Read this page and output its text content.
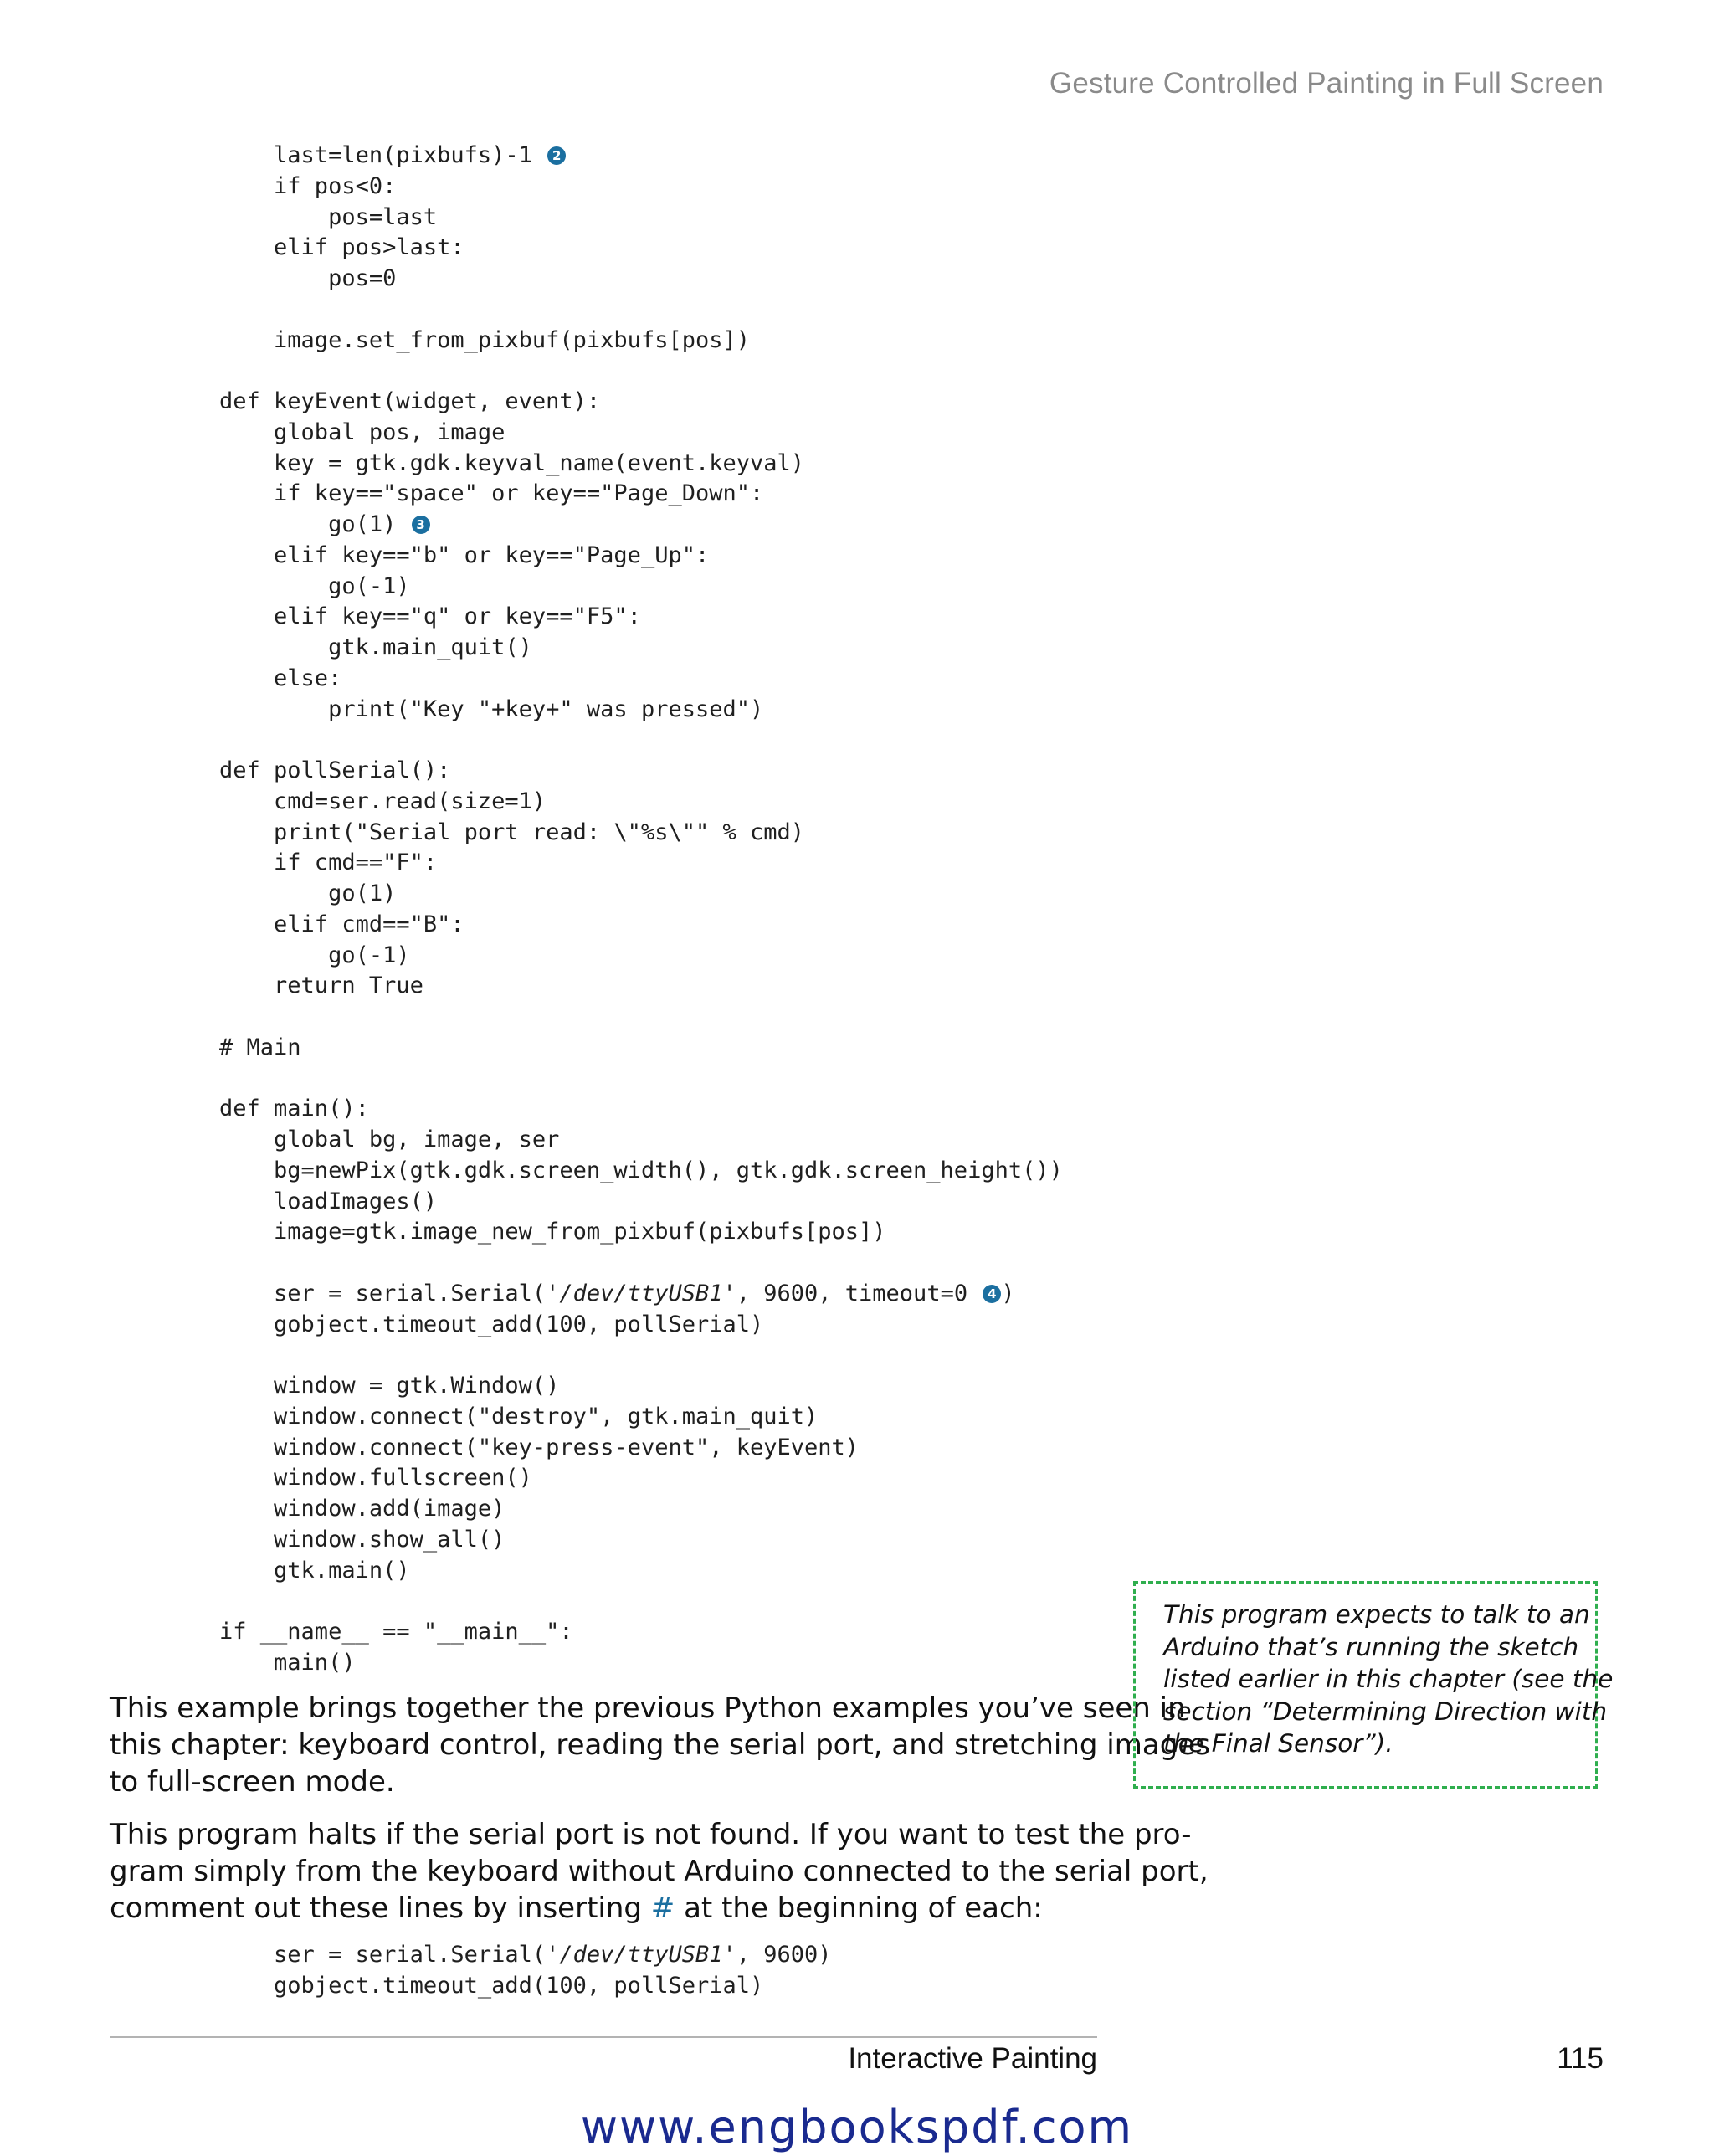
Gesture Controlled Painting in Full Screen
last=len(pixbufs)-1 2
if pos<0:
pos=last
elif pos>last:
pos=0
image.set_from_pixbuf(pixbufs[pos])
def keyEvent(widget, event):
global pos, image
key = gtk.gdk.keyval_name(event.keyval)
if key=="space" or key=="Page_Down":
go(1) 3
elif key=="b" or key=="Page_Up":
go(-1)
elif key=="q" or key=="F5":
gtk.main_quit()
else:
print("Key "+key+" was pressed")
def pollSerial():
cmd=ser.read(size=1)
print("Serial port read: \"%s\"" % cmd)
if cmd=="F":
go(1)
elif cmd=="B":
go(-1)
return True
# Main
def main():
global bg, image, ser
bg=newPix(gtk.gdk.screen_width(), gtk.gdk.screen_height())
loadImages()
image=gtk.image_new_from_pixbuf(pixbufs[pos])
ser = serial.Serial('/dev/ttyUSB1', 9600, timeout=0 4 )
gobject.timeout_add(100, pollSerial)
window = gtk.Window()
window.connect("destroy", gtk.main_quit)
window.connect("key-press-event", keyEvent)
window.fullscreen()
window.add(image)
window.show_all()
gtk.main()
if __name__ == "__main__":
main()
This example brings together the previous Python examples you’ve seen in
this chapter: keyboard control, reading the serial port, and stretching images
to full-screen mode.
This program halts if the serial port is not found. If you want to test the pro-
gram simply from the keyboard without Arduino connected to the serial port,
comment out these lines by inserting # at the beginning of each:
ser = serial.Serial('/dev/ttyUSB1', 9600)
gobject.timeout_add(100, pollSerial)
This program expects to talk to an
Arduino that’s running the sketch
listed earlier in this chapter (see the
section “Determining Direction with
the Final Sensor”).
Interactive Painting	115
www.engbookspdf.com
